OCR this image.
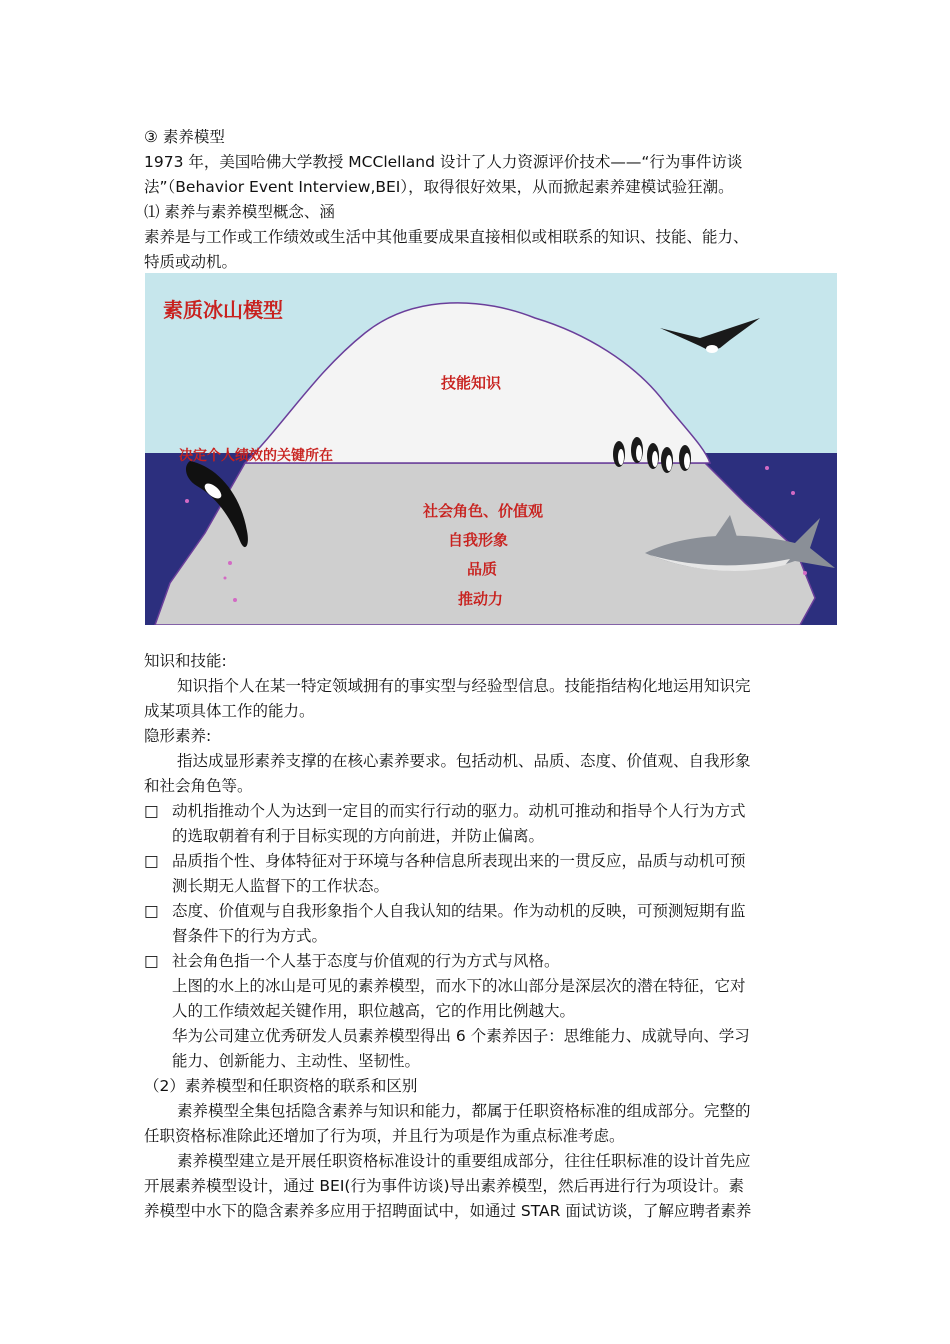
③ 素养模型
1973 年，美国哈佛大学教授 MCClelland 设计了人力资源评价技术——“行为事件访谈
法”（Behavior Event Interview,BEI），取得很好效果，从而掀起素养建模试验狂潮。
⑴ 素养与素养模型概念、涵
素养是与工作或工作绩效或生活中其他重要成果直接相似或相联系的知识、技能、能力、
特质或动机。
素质冰山模型
技能知识
决定个人绩效的关键所在
社会角色、价值观
自我形象
品质
推动力
知识和技能:
知识指个人在某一特定领域拥有的事实型与经验型信息。技能指结构化地运用知识完
成某项具体工作的能力。
隐形素养:
指达成显形素养支撑的在核心素养要求。包括动机、品质、态度、价值观、自我形象
和社会角色等。
□ 动机指推动个人为达到一定目的而实行行动的驱力。动机可推动和指导个人行为方式
的选取朝着有利于目标实现的方向前进，并防止偏离。
□ 品质指个性、身体特征对于环境与各种信息所表现出来的一贯反应，品质与动机可预
测长期无人监督下的工作状态。
□ 态度、价值观与自我形象指个人自我认知的结果。作为动机的反映，可预测短期有监
督条件下的行为方式。
□ 社会角色指一个人基于态度与价值观的行为方式与风格。
上图的水上的冰山是可见的素养模型，而水下的冰山部分是深层次的潜在特征，它对
人的工作绩效起关键作用，职位越高，它的作用比例越大。
华为公司建立优秀研发人员素养模型得出 6 个素养因子：思维能力、成就导向、学习
能力、创新能力、主动性、坚韧性。
（2）素养模型和任职资格的联系和区别
素养模型全集包括隐含素养与知识和能力，都属于任职资格标准的组成部分。完整的
任职资格标准除此还增加了行为项，并且行为项是作为重点标准考虑。
素养模型建立是开展任职资格标准设计的重要组成部分，往往任职标准的设计首先应
开展素养模型设计，通过 BEI(行为事件访谈)导出素养模型，然后再进行行为项设计。素
养模型中水下的隐含素养多应用于招聘面试中，如通过 STAR 面试访谈，了解应聘者素养
